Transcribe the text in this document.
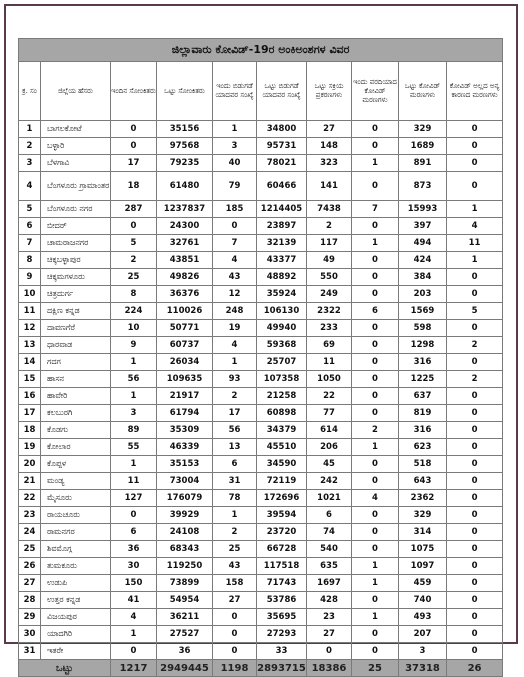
ಜಿಲ್ಲಾವಾರು ಕೋವಿಡ್-19ರ ಅಂಕಿಅಂಶಗಳ ವಿವರ									
ಕ್ರ. ಸಂ	ಜಿಲ್ಲೆಯ ಹೆಸರು	ಇಂದಿನ ಸೋಂಕಿತರು	ಒಟ್ಟು ಸೋಂಕಿತರು	ಇಂದು ಬಿಡುಗಡೆ ಯಾದವರ ಸಂಖ್ಯೆ	ಒಟ್ಟು ಬಿಡುಗಡೆ ಯಾದವರ ಸಂಖ್ಯೆ	ಒಟ್ಟು ಸಕ್ರಿಯ ಪ್ರಕರಣಗಳು	ಇಂದು ವರದಿಯಾದ ಕೋವಿಡ್ ಮರಣಗಳು	ಒಟ್ಟು ಕೋವಿಡ್ ಮರಣಗಳು	ಕೋವಿಡ್ ಅಲ್ಲದ ಅನ್ಯ ಕಾರಣದ ಮರಣಗಳು
1	ಬಾಗಲಕೋಟೆ	0	35156	1	34800	27	0	329	0
2	ಬಳ್ಳಾರಿ	0	97568	3	95731	148	0	1689	0
3	ಬೆಳಗಾವಿ	17	79235	40	78021	323	1	891	0
4	ಬೆಂಗಳೂರು ಗ್ರಾಮಾಂತರ	18	61480	79	60466	141	0	873	0
5	ಬೆಂಗಳೂರು ನಗರ	287	1237837	185	1214405	7438	7	15993	1
6	ಬೀದರ್	0	24300	0	23897	2	0	397	4
7	ಚಾಮರಾಜನಗರ	5	32761	7	32139	117	1	494	11
8	ಚಿಕ್ಕಬಳ್ಳಾಪುರ	2	43851	4	43377	49	0	424	1
9	ಚಿಕ್ಕಮಗಳೂರು	25	49826	43	48892	550	0	384	0
10	ಚಿತ್ರದುರ್ಗ	8	36376	12	35924	249	0	203	0
11	ದಕ್ಷಿಣ ಕನ್ನಡ	224	110026	248	106130	2322	6	1569	5
12	ದಾವಣಗೆರೆ	10	50771	19	49940	233	0	598	0
13	ಧಾರವಾಡ	9	60737	4	59368	69	0	1298	2
14	ಗದಗ	1	26034	1	25707	11	0	316	0
15	ಹಾಸನ	56	109635	93	107358	1050	0	1225	2
16	ಹಾವೇರಿ	1	21917	2	21258	22	0	637	0
17	ಕಲಬುರಗಿ	3	61794	17	60898	77	0	819	0
18	ಕೊಡಗು	89	35309	56	34379	614	2	316	0
19	ಕೋಲಾರ	55	46339	13	45510	206	1	623	0
20	ಕೊಪ್ಪಳ	1	35153	6	34590	45	0	518	0
21	ಮಂಡ್ಯ	11	73004	31	72119	242	0	643	0
22	ಮೈಸೂರು	127	176079	78	172696	1021	4	2362	0
23	ರಾಯಚೂರು	0	39929	1	39594	6	0	329	0
24	ರಾಮನಗರ	6	24108	2	23720	74	0	314	0
25	ಶಿವಮೊಗ್ಗ	36	68343	25	66728	540	0	1075	0
26	ತುಮಕೂರು	30	119250	43	117518	635	1	1097	0
27	ಉಡುಪಿ	150	73899	158	71743	1697	1	459	0
28	ಉತ್ತರ ಕನ್ನಡ	41	54954	27	53786	428	0	740	0
29	ವಿಜಯಪುರ	4	36211	0	35695	23	1	493	0
30	ಯಾದಗಿರಿ	1	27527	0	27293	27	0	207	0
31	ಇತರೇ	0	36	0	33	0	0	3	0
ಒಟ್ಟು		1217	2949445	1198	2893715	18386	25	37318	26
